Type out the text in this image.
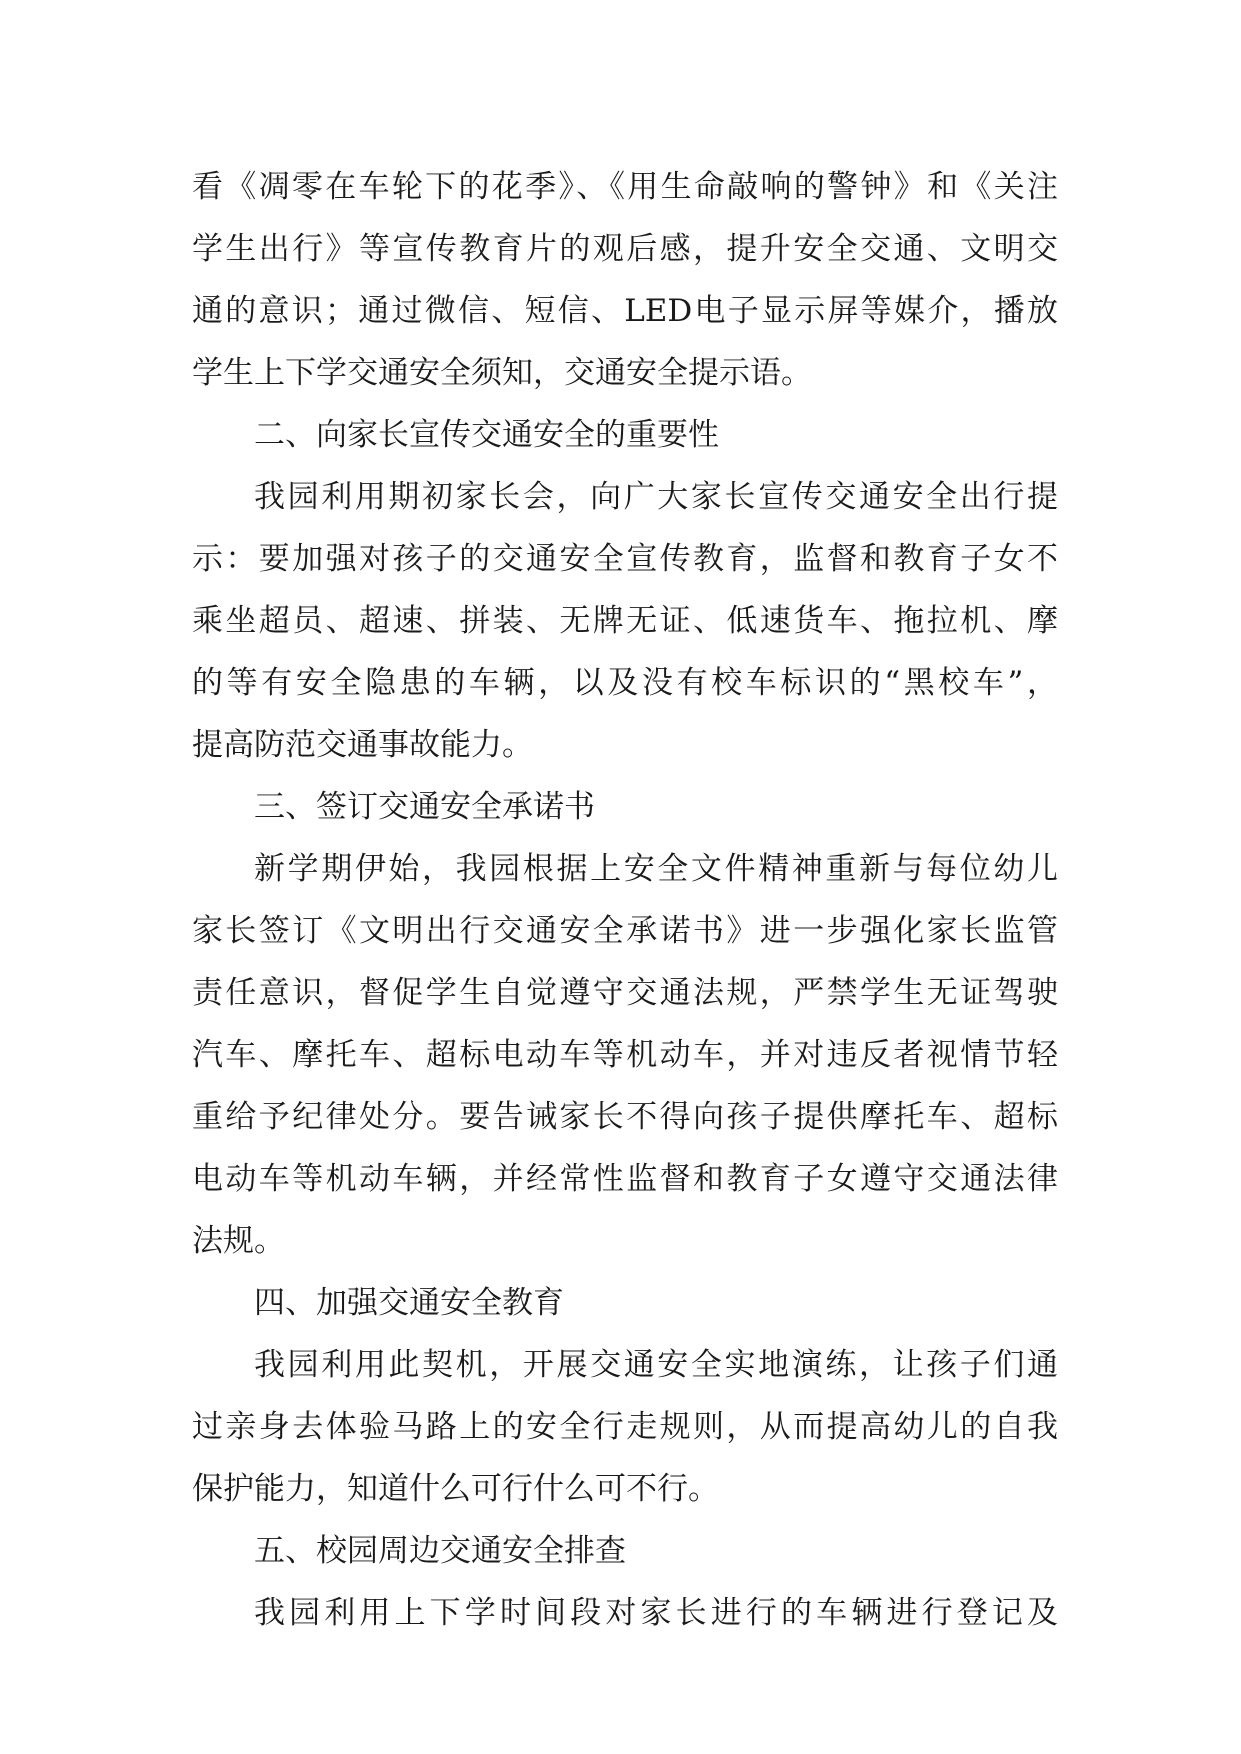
看《凋零在车轮下的花季》、《用生命敲响的警钟》和《关注
学生出行》等宣传教育片的观后感，提升安全交通、文明交
通的意识；通过微信、短信、LED电子显示屏等媒介，播放
学生上下学交通安全须知，交通安全提示语。
二、向家长宣传交通安全的重要性
我园利用期初家长会，向广大家长宣传交通安全出行提
示：要加强对孩子的交通安全宣传教育，监督和教育子女不
乘坐超员、超速、拼装、无牌无证、低速货车、拖拉机、摩
的等有安全隐患的车辆，以及没有校车标识的“黑校车”，
提高防范交通事故能力。
三、签订交通安全承诺书
新学期伊始，我园根据上安全文件精神重新与每位幼儿
家长签订《文明出行交通安全承诺书》进一步强化家长监管
责任意识，督促学生自觉遵守交通法规，严禁学生无证驾驶
汽车、摩托车、超标电动车等机动车，并对违反者视情节轻
重给予纪律处分。要告诫家长不得向孩子提供摩托车、超标
电动车等机动车辆，并经常性监督和教育子女遵守交通法律
法规。
四、加强交通安全教育
我园利用此契机，开展交通安全实地演练，让孩子们通
过亲身去体验马路上的安全行走规则，从而提高幼儿的自我
保护能力，知道什么可行什么可不行。
五、校园周边交通安全排查
我园利用上下学时间段对家长进行的车辆进行登记及
